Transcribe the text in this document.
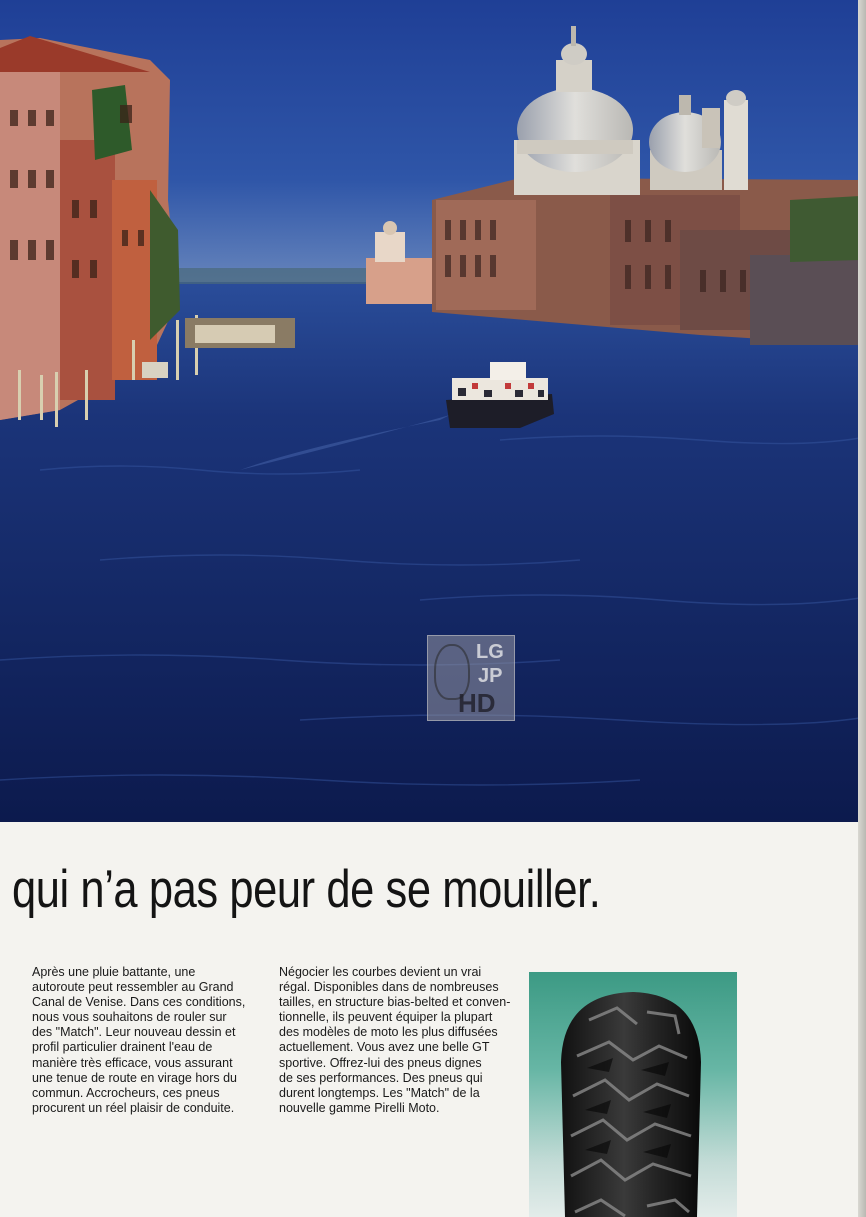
LG
JP
HD
qui n’a pas peur de se mouiller.
Après une pluie battante, une
autoroute peut ressembler au Grand
Canal de Venise. Dans ces conditions,
nous vous souhaitons de rouler sur
des "Match". Leur nouveau dessin et
profil particulier drainent l'eau de
manière très efficace, vous assurant
une tenue de route en virage hors du
commun. Accrocheurs, ces pneus
procurent un réel plaisir de conduite.
Négocier les courbes devient un vrai
régal. Disponibles dans de nombreuses
tailles, en structure bias-belted et conven-
tionnelle, ils peuvent équiper la plupart
des modèles de moto les plus diffusées
actuellement. Vous avez une belle GT
sportive. Offrez-lui des pneus dignes
de ses performances. Des pneus qui
durent longtemps. Les "Match" de la
nouvelle gamme Pirelli Moto.
